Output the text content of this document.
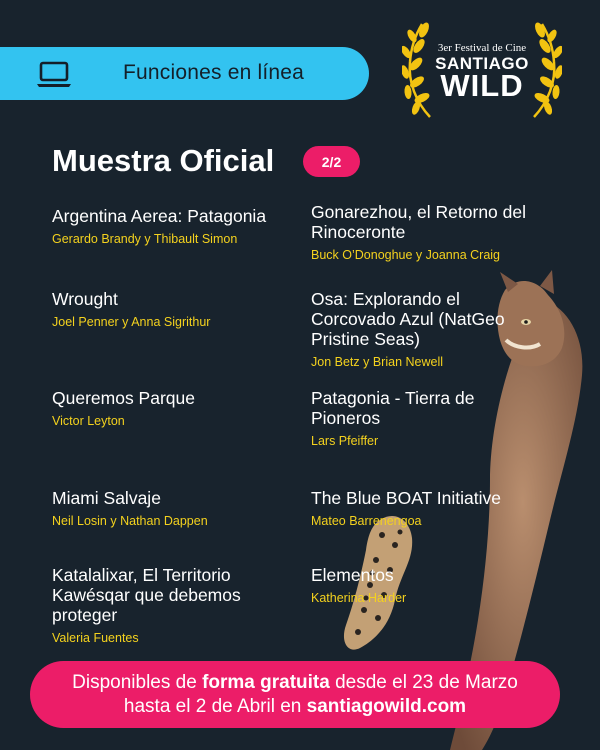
Funciones en línea
3er Festival de Cine
SANTIAGO
WILD
Muestra Oficial	2/2
Argentina Aerea: Patagonia
Gerardo Brandy y Thibault Simon
Wrought
Joel Penner y Anna Sigrithur
Queremos Parque
Victor Leyton
Miami Salvaje
Neil Losin y Nathan Dappen
Katalalixar, El Territorio Kawésqar que debemos proteger
Valeria Fuentes
Gonarezhou, el Retorno del Rinoceronte
Buck O’Donoghue y Joanna Craig
Osa: Explorando el Corcovado Azul (NatGeo Pristine Seas)
Jon Betz y Brian Newell
Patagonia - Tierra de Pioneros
Lars Pfeiffer
The Blue BOAT Initiative
Mateo Barrenengoa
Elementos
Katherina Harder
Disponibles de forma gratuita desde el 23 de Marzo
hasta el 2 de Abril en santiagowild.com
